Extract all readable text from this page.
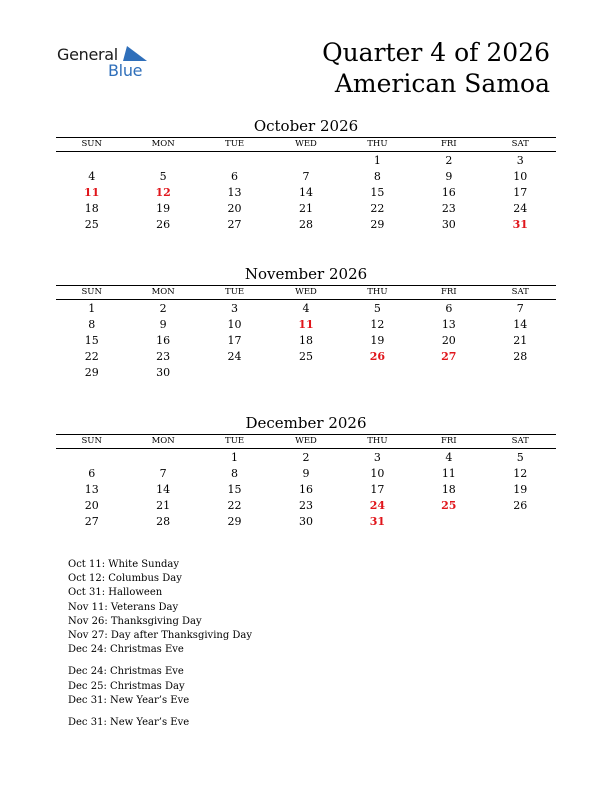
General
Blue
Quarter 4 of 2026
American Samoa
October 2026
SUN	MON	TUE	WED	THU	FRI	SAT
				1	2	3
4	5	6	7	8	9	10
11	12	13	14	15	16	17
18	19	20	21	22	23	24
25	26	27	28	29	30	31
November 2026
SUN	MON	TUE	WED	THU	FRI	SAT
1	2	3	4	5	6	7
8	9	10	11	12	13	14
15	16	17	18	19	20	21
22	23	24	25	26	27	28
29	30					
December 2026
SUN	MON	TUE	WED	THU	FRI	SAT
		1	2	3	4	5
6	7	8	9	10	11	12
13	14	15	16	17	18	19
20	21	22	23	24	25	26
27	28	29	30	31		
Oct 11: White Sunday
Oct 12: Columbus Day
Oct 31: Halloween
Nov 11: Veterans Day
Nov 26: Thanksgiving Day
Nov 27: Day after Thanksgiving Day
Dec 24: Christmas Eve
Dec 24: Christmas Eve
Dec 25: Christmas Day
Dec 31: New Year’s Eve
Dec 31: New Year’s Eve
